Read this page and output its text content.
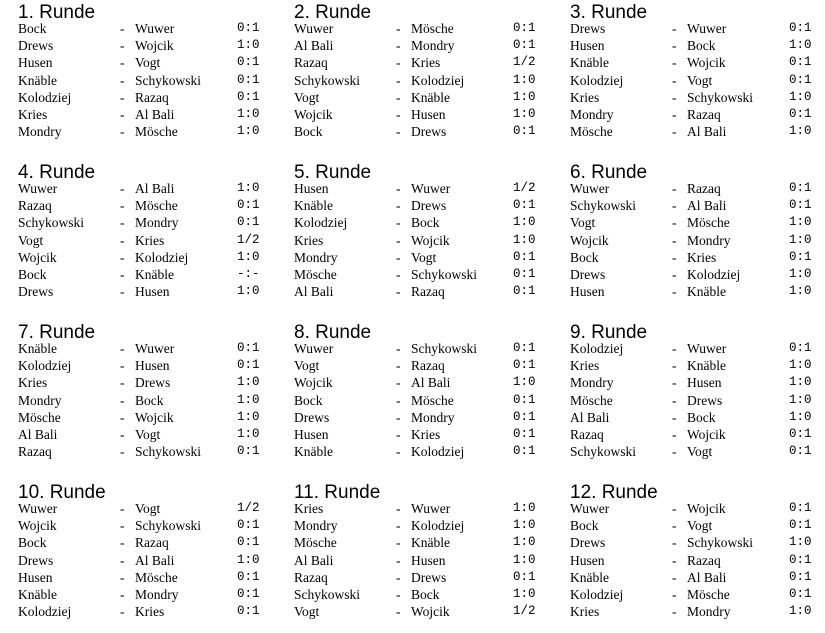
1. Runde
Bock	- Wuwer	0:1
Drews	- Wojcik	1:0
Husen	- Vogt	0:1
Knäble	- Schykowski	0:1
Kolodziej	- Razaq	0:1
Kries	- Al Bali	1:0
Mondry	- Mösche	1:0
2. Runde
Wuwer	- Mösche	0:1
Al Bali	- Mondry	0:1
Razaq	- Kries	1/2
Schykowski	- Kolodziej	1:0
Vogt	- Knäble	1:0
Wojcik	- Husen	1:0
Bock	- Drews	0:1
3. Runde
Drews	- Wuwer	0:1
Husen	- Bock	1:0
Knäble	- Wojcik	0:1
Kolodziej	- Vogt	0:1
Kries	- Schykowski	1:0
Mondry	- Razaq	0:1
Mösche	- Al Bali	1:0
4. Runde
Wuwer	- Al Bali	1:0
Razaq	- Mösche	0:1
Schykowski	- Mondry	0:1
Vogt	- Kries	1/2
Wojcik	- Kolodziej	1:0
Bock	- Knäble	-:-
Drews	- Husen	1:0
5. Runde
Husen	- Wuwer	1/2
Knäble	- Drews	0:1
Kolodziej	- Bock	1:0
Kries	- Wojcik	1:0
Mondry	- Vogt	0:1
Mösche	- Schykowski	0:1
Al Bali	- Razaq	0:1
6. Runde
Wuwer	- Razaq	0:1
Schykowski	- Al Bali	0:1
Vogt	- Mösche	1:0
Wojcik	- Mondry	1:0
Bock	- Kries	0:1
Drews	- Kolodziej	1:0
Husen	- Knäble	1:0
7. Runde
Knäble	- Wuwer	0:1
Kolodziej	- Husen	0:1
Kries	- Drews	1:0
Mondry	- Bock	1:0
Mösche	- Wojcik	1:0
Al Bali	- Vogt	1:0
Razaq	- Schykowski	0:1
8. Runde
Wuwer	- Schykowski	0:1
Vogt	- Razaq	0:1
Wojcik	- Al Bali	1:0
Bock	- Mösche	0:1
Drews	- Mondry	0:1
Husen	- Kries	0:1
Knäble	- Kolodziej	0:1
9. Runde
Kolodziej	- Wuwer	0:1
Kries	- Knäble	1:0
Mondry	- Husen	1:0
Mösche	- Drews	1:0
Al Bali	- Bock	1:0
Razaq	- Wojcik	0:1
Schykowski	- Vogt	0:1
10. Runde
Wuwer	- Vogt	1/2
Wojcik	- Schykowski	0:1
Bock	- Razaq	0:1
Drews	- Al Bali	1:0
Husen	- Mösche	0:1
Knäble	- Mondry	0:1
Kolodziej	- Kries	0:1
11. Runde
Kries	- Wuwer	1:0
Mondry	- Kolodziej	1:0
Mösche	- Knäble	1:0
Al Bali	- Husen	1:0
Razaq	- Drews	0:1
Schykowski	- Bock	1:0
Vogt	- Wojcik	1/2
12. Runde
Wuwer	- Wojcik	0:1
Bock	- Vogt	0:1
Drews	- Schykowski	1:0
Husen	- Razaq	0:1
Knäble	- Al Bali	0:1
Kolodziej	- Mösche	0:1
Kries	- Mondry	1:0
